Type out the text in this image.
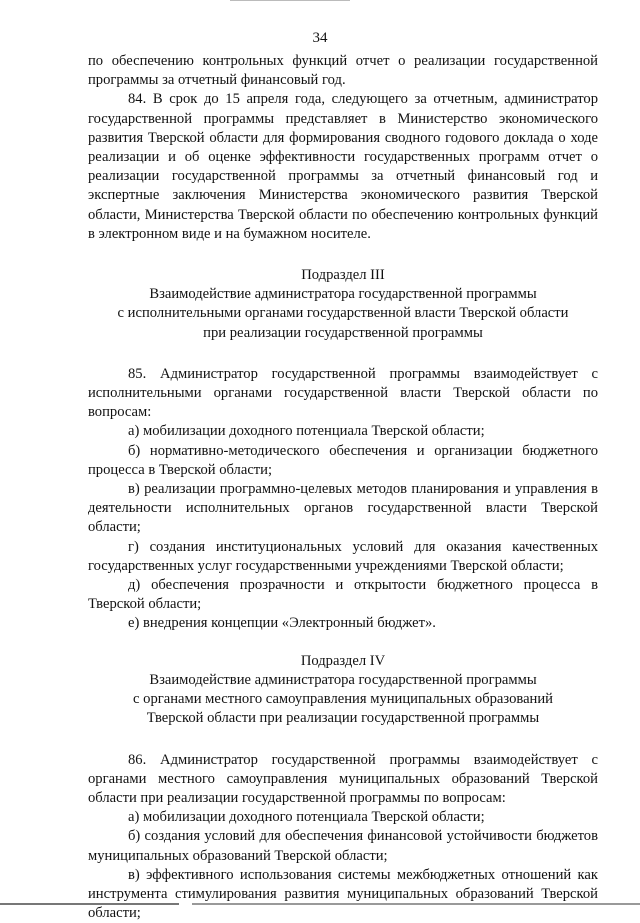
34

по обеспечению контрольных функций отчет о реализации государственной программы за отчетный финансовый год.

84. В срок до 15 апреля года, следующего за отчетным, администратор государственной программы представляет в Министерство экономического развития Тверской области для формирования сводного годового доклада о ходе реализации и об оценке эффективности государственных программ отчет о реализации государственной программы за отчетный финансовый год и экспертные заключения Министерства экономического развития Тверской области, Министерства Тверской области по обеспечению контрольных функций в электронном виде и на бумажном носителе.

Подраздел III
Взаимодействие администратора государственной программы
с исполнительными органами государственной власти Тверской области
при реализации государственной программы

85. Администратор государственной программы взаимодействует с исполнительными органами государственной власти Тверской области по вопросам:

а) мобилизации доходного потенциала Тверской области;

б) нормативно-методического обеспечения и организации бюджетного процесса в Тверской области;

в) реализации программно-целевых методов планирования и управления в деятельности исполнительных органов государственной власти Тверской области;

г) создания институциональных условий для оказания качественных государственных услуг государственными учреждениями Тверской области;

д) обеспечения прозрачности и открытости бюджетного процесса в Тверской области;

е) внедрения концепции «Электронный бюджет».

Подраздел IV
Взаимодействие администратора государственной программы
с органами местного самоуправления муниципальных образований
Тверской области при реализации государственной программы

86. Администратор государственной программы взаимодействует с органами местного самоуправления муниципальных образований Тверской области при реализации государственной программы по вопросам:

а) мобилизации доходного потенциала Тверской области;

б) создания условий для обеспечения финансовой устойчивости бюджетов муниципальных образований Тверской области;

в) эффективного использования системы межбюджетных отношений как инструмента стимулирования развития муниципальных образований Тверской области;
